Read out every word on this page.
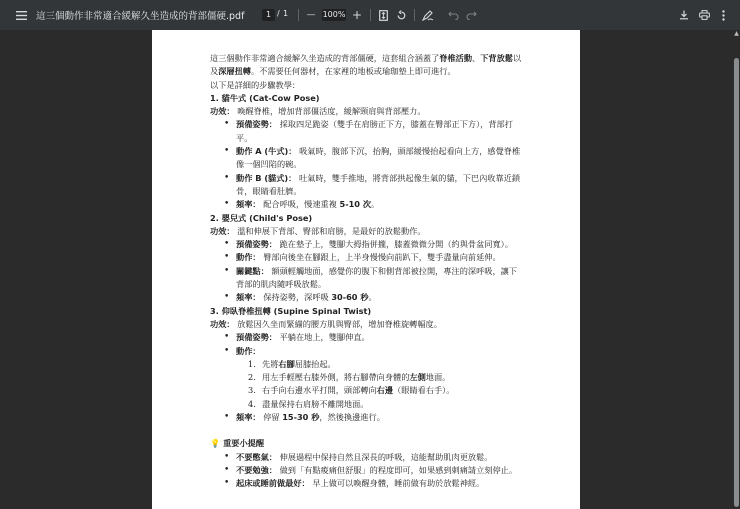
這三個動作非常適合緩解久坐造成的背部僵硬.pdf	1 / 1 — 100% +
▲

這三個動作非常適合緩解久坐造成的背部僵硬，這套組合涵蓋了脊椎活動、下背放鬆以

及深層扭轉。不需要任何器材，在家裡的地板或瑜珈墊上即可進行。

以下是詳細的步驟教學：

1. 貓牛式 (Cat-Cow Pose)

功效： 喚醒脊椎，增加背部僵活度，緩解頸肩與背部壓力。

• 預備姿勢： 採取四足跪姿（雙手在肩膀正下方，膝蓋在臀部正下方），背部打
平。
• 動作 A (牛式)： 吸氣時，腹部下沉，抬胸，頭部緩慢抬起看向上方，感覺脊椎
像一個凹陷的碗。
• 動作 B (貓式)： 吐氣時，雙手推地，將背部拱起像生氣的貓，下巴內收靠近鎖
骨，眼睛看肚臍。
• 頻率： 配合呼吸，慢速重複 5-10 次。

2. 嬰兒式 (Child's Pose)

功效： 溫和伸展下背部、臀部和肩膀，是最好的放鬆動作。

• 預備姿勢： 跪在墊子上，雙腳大拇指併攏，膝蓋微微分開（約與骨盆同寬）。
• 動作： 臀部向後坐在腳跟上，上半身慢慢向前趴下，雙手盡量向前延伸。
• 關鍵點： 額頭輕觸地面，感覺你的腹下和側背部被拉開，專注的深呼吸，讓下
背部的肌肉隨呼吸放鬆。
• 頻率： 保持姿勢，深呼吸 30-60 秒。

3. 仰臥脊椎扭轉 (Supine Spinal Twist)

功效： 放鬆因久坐而緊繃的腰方肌與臀部，增加脊椎旋轉幅度。

• 預備姿勢： 平躺在地上，雙腳伸直。
• 動作：
1. 先將右腳屈膝抬起。
2. 用左手輕壓右膝外側，將右腳帶向身體的左側地面。
3. 右手向右邊水平打開，頭部轉向右邊（眼睛看右手）。
4. 盡量保持右肩膀不離開地面。
• 頻率： 停留 15-30 秒，然後換邊進行。

💡 重要小提醒

• 不要憋氣： 伸展過程中保持自然且深長的呼吸，這能幫助肌肉更放鬆。
• 不要勉強： 做到「有點痠痛但舒服」的程度即可，如果感到刺痛請立刻停止。
• 起床或睡前做最好： 早上做可以喚醒身體，睡前做有助於放鬆神經。
